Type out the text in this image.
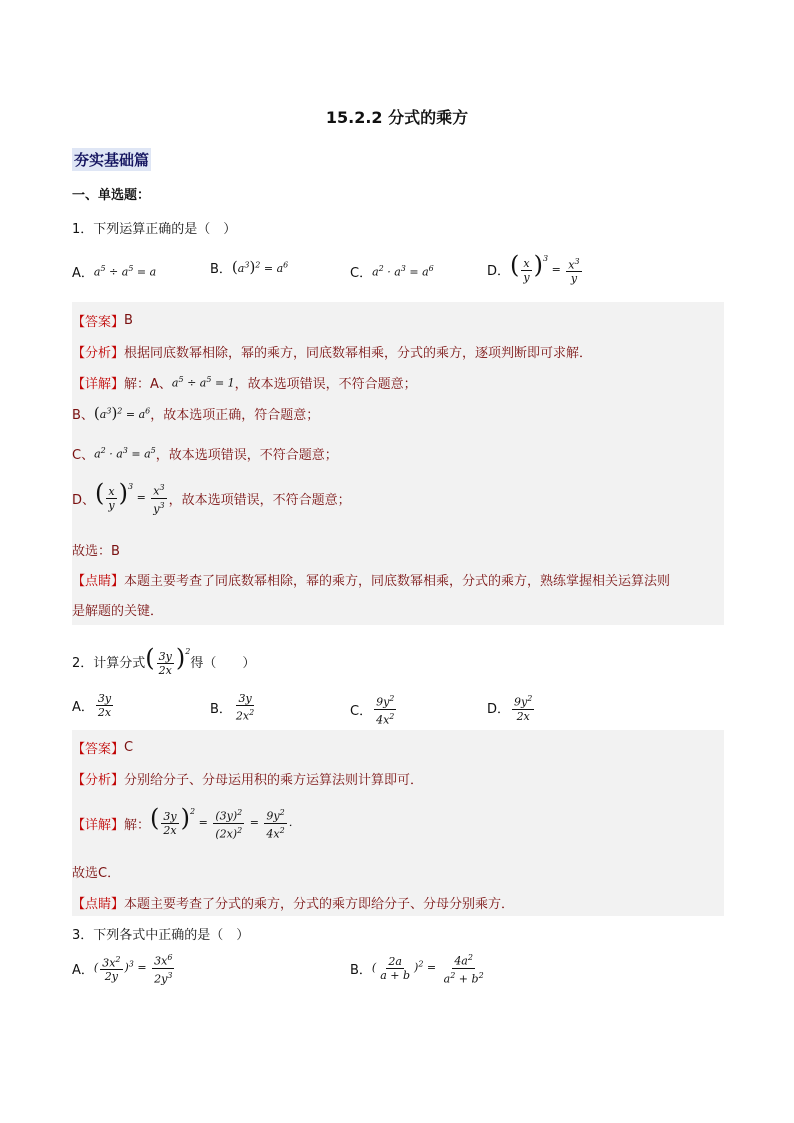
15.2.2 分式的乘方
夯实基础篇
一、单选题：
1．下列运算正确的是（　）
A． $a^5 \div a^5 = a$	B． $(a^3)^2 = a^6$
C． $a^2 \cdot a^3 = a^6$	D． ( $\frac{x}{y} )^3 = \frac{x^3}{y}$
【答案】 B
【分析】 根据同底数幂相除，幂的乘方，同底数幂相乘，分式的乘方，逐项判断即可求解．
【详解】 解：A、 $a^5 \div a^5 = 1$ ，故本选项错误，不符合题意；
B、 $(a^3)^2 = a^6$ ，故本选项正确，符合题意；
C、 $a^2 \cdot a^3 = a^5$ ，故本选项错误，不符合题意；
D、 ( $\frac{x}{y} )^3 = \frac{x^3}{y^3}$ ，故本选项错误，不符合题意；
故选：B
【点睛】 本题主要考查了同底数幂相除，幂的乘方，同底数幂相乘，分式的乘方，熟练掌握相关运算法则
是解题的关键．
2．计算分式 ( $\frac{3y}{2x} )^2$
得（　　）
A． $\frac{3y}{2x}$	B． $\frac{3y}{2x^2}$	C． $\frac{9y^2}{4x^2}$	D． $\frac{9y^2}{2x}$
【答案】 C
【分析】 分别给分子、分母运用积的乘方运算法则计算即可．
【详解】 解： ( $\frac{3y}{2x} )^2 = \frac{(3y)^2}{(2x)^2} = \frac{9y^2}{4x^2}$ ．
故选C．
【点睛】 本题主要考查了分式的乘方，分式的乘方即给分子、分母分别乘方．
3．下列各式中正确的是（　）
A． ( $\frac{3x^2}{2y} )^3 = \frac{3x^6}{2y^3}$	B． ( $\frac{2a}{a + b} )^2 = \frac{4a^2}{a^2 + b^2}$
